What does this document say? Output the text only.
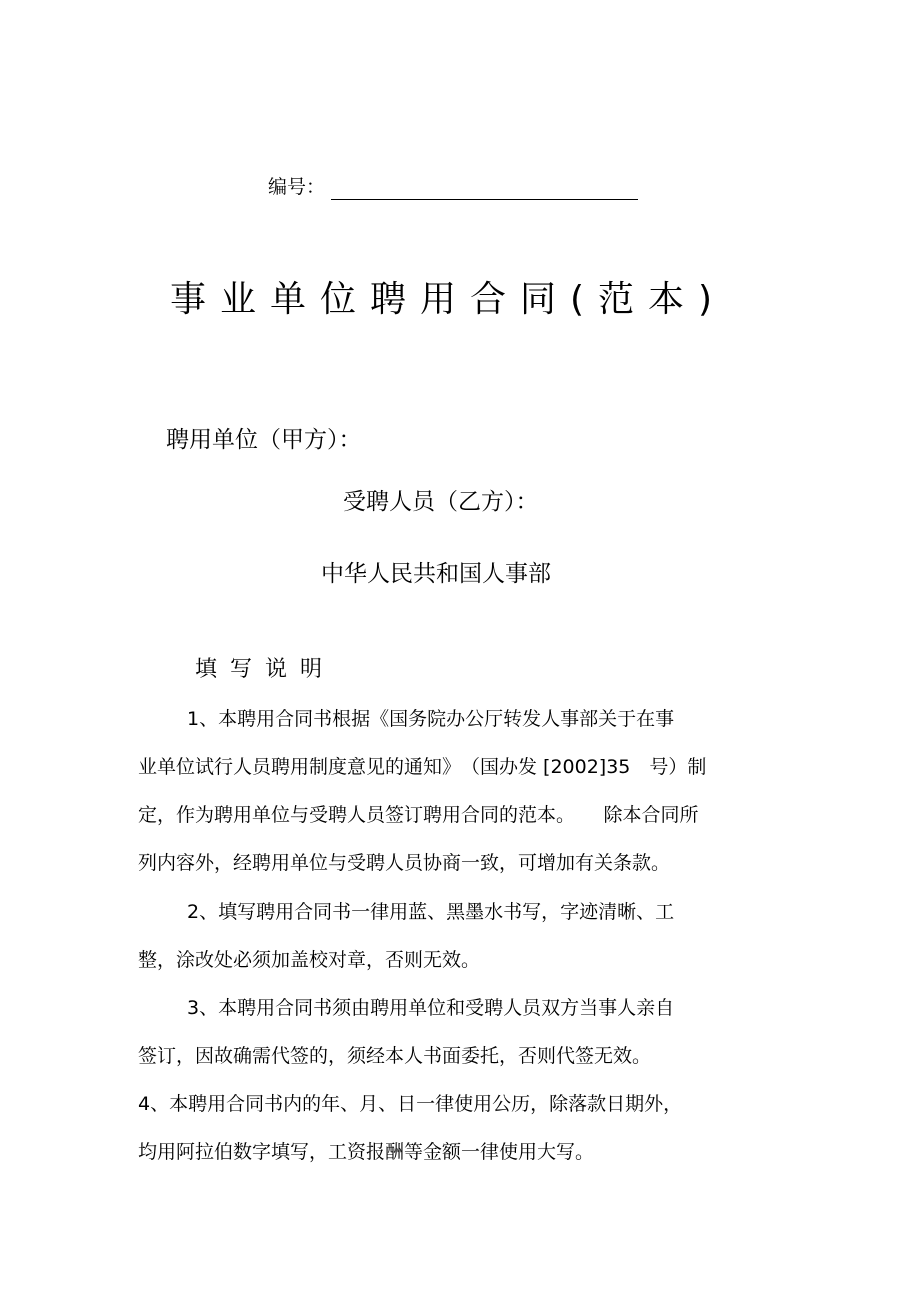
编号：
事业单位聘用合同(范本)
聘用单位（甲方）：
受聘人员（乙方）：
中华人民共和国人事部
填写说明
1、本聘用合同书根据《国务院办公厅转发人事部关于在事
业单位试行人员聘用制度意见的通知》　（国办发 [2002]35　号）制
定，作为聘用单位与受聘人员签订聘用合同的范本。　　除本合同所
列内容外，经聘用单位与受聘人员协商一致，可增加有关条款。
2、填写聘用合同书一律用蓝、黑墨水书写，字迹清晰、工
整，涂改处必须加盖校对章，否则无效。
3、本聘用合同书须由聘用单位和受聘人员双方当事人亲自
签订，因故确需代签的，须经本人书面委托，否则代签无效。
4、本聘用合同书内的年、月、日一律使用公历，除落款日期外，
均用阿拉伯数字填写，工资报酬等金额一律使用大写。
